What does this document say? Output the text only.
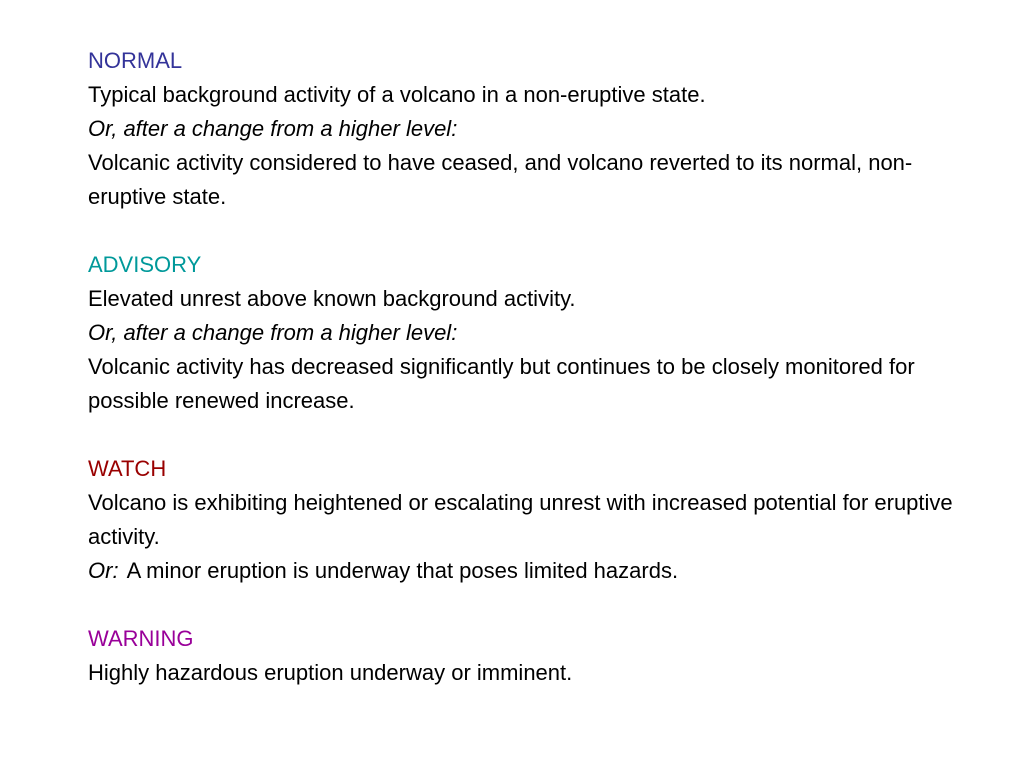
NORMAL

Typical background activity of a volcano in a non-eruptive state.

Or, after a change from a higher level:

Volcanic activity considered to have ceased, and volcano reverted to its normal, non-eruptive state.

ADVISORY

Elevated unrest above known background activity.

Or, after a change from a higher level:

Volcanic activity has decreased significantly but continues to be closely monitored for possible renewed increase.

WATCH

Volcano is exhibiting heightened or escalating unrest with increased potential for eruptive activity.

Or: A minor eruption is underway that poses limited hazards.

WARNING

Highly hazardous eruption underway or imminent.
